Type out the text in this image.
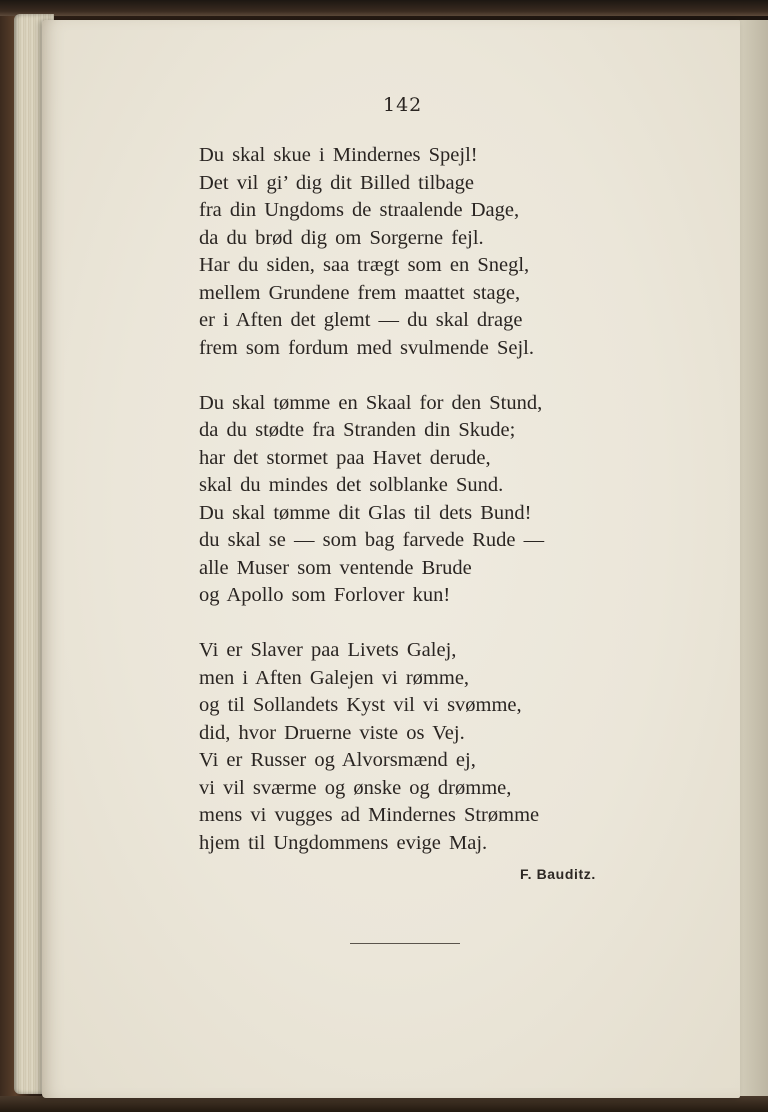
142
Du skal skue i Mindernes Spejl!
Det vil gi’ dig dit Billed tilbage
fra din Ungdoms de straalende Dage,
da du brød dig om Sorgerne fejl.
Har du siden, saa trægt som en Snegl,
mellem Grundene frem maattet stage,
er i Aften det glemt — du skal drage
frem som fordum med svulmende Sejl.
Du skal tømme en Skaal for den Stund,
da du stødte fra Stranden din Skude;
har det stormet paa Havet derude,
skal du mindes det solblanke Sund.
Du skal tømme dit Glas til dets Bund!
du skal se — som bag farvede Rude —
alle Muser som ventende Brude
og Apollo som Forlover kun!
Vi er Slaver paa Livets Galej,
men i Aften Galejen vi rømme,
og til Sollandets Kyst vil vi svømme,
did, hvor Druerne viste os Vej.
Vi er Russer og Alvorsmænd ej,
vi vil sværme og ønske og drømme,
mens vi vugges ad Mindernes Strømme
hjem til Ungdommens evige Maj.
F. Bauditz.
